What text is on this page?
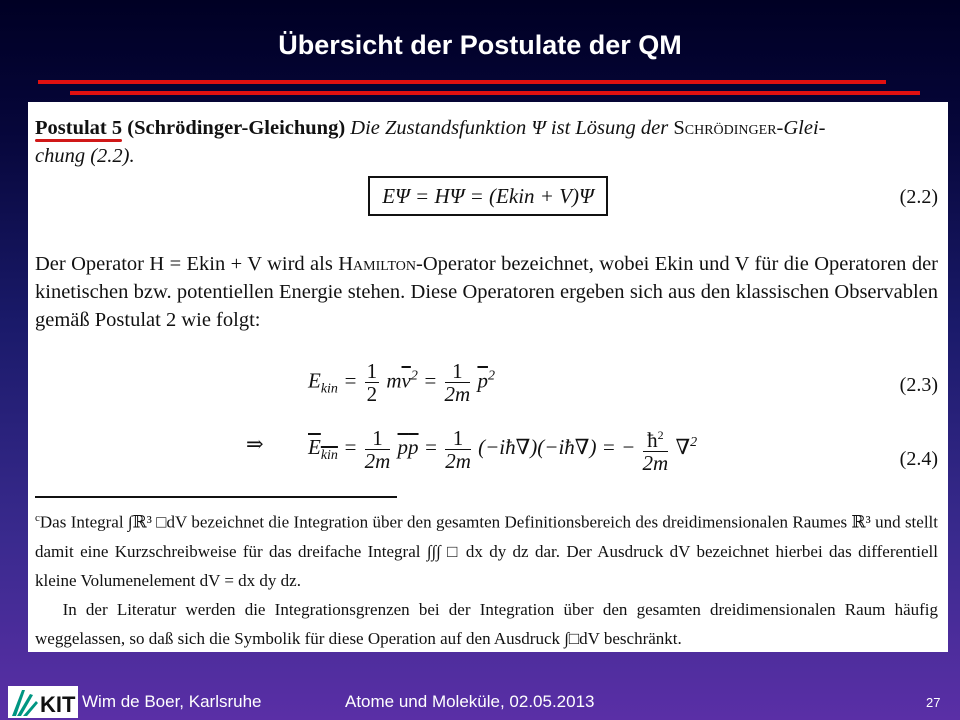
Übersicht der Postulate der QM
Postulat 5 (Schrödinger-Gleichung) Die Zustandsfunktion Ψ ist Lösung der Schrödinger-Glei-
chung (2.2).
EΨ = HΨ = (Ekin + V)Ψ	(2.2)
Der Operator H = Ekin + V wird als Hamilton-Operator bezeichnet, wobei Ekin und V für die Operatoren der kinetischen bzw. potentiellen Energie stehen. Diese Operatoren ergeben sich aus den klassischen Observablen gemäß Postulat 2 wie folgt:
$E_{kin} = \frac{1}{2} m\overline{v}^2 = \frac{1}{2m} \overline{p}^2$	(2.3)
⇒ $E_{kin} = \frac{1}{2m} \overline{p}\overline{p} = \frac{1}{2m}$ (−iħ∇)(−iħ∇) = − $\frac{ħ^2}{2m} \nabla^2$
(2.4)
$^c$Das Integral ∫ℝ³ □dV bezeichnet die Integration über den gesamten Definitionsbereich des dreidimensionalen Raumes ℝ³ und stellt damit eine Kurzschreibweise für das dreifache Integral ∫∫∫ □ dx dy dz dar. Der Ausdruck dV bezeichnet hierbei das differentiell kleine Volumenelement dV = dx dy dz.
In der Literatur werden die Integrationsgrenzen bei der Integration über den gesamten dreidimensionalen Raum häufig weggelassen, so daß sich die Symbolik für diese Operation auf den Ausdruck ∫□dV beschränkt.
KIT Wim de Boer, Karlsruhe	Atome und Moleküle, 02.05.2013	27
